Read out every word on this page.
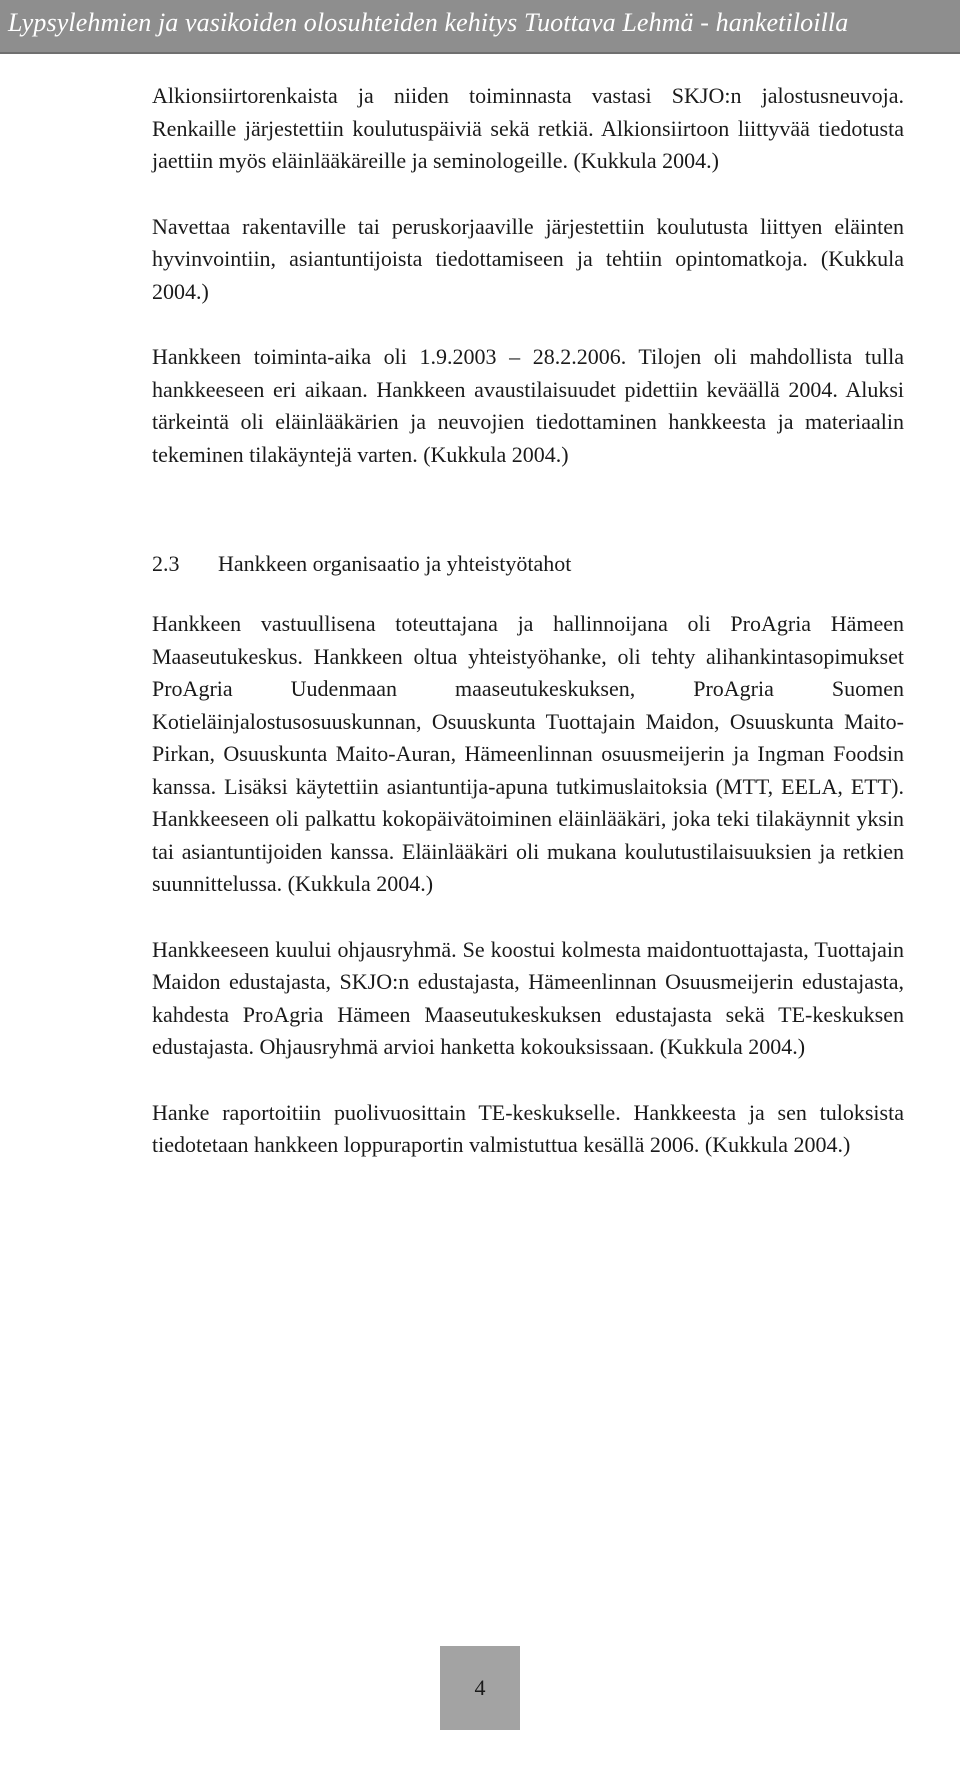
Lypsylehmien ja vasikoiden olosuhteiden kehitys Tuottava Lehmä - hanketiloilla

Alkionsiirtorenkaista ja niiden toiminnasta vastasi SKJO:n jalostusneuvoja. Renkaille järjestettiin koulutuspäiviä sekä retkiä. Alkionsiirtoon liittyvää tiedotusta jaettiin myös eläinlääkäreille ja seminologeille. (Kukkula 2004.)

Navettaa rakentaville tai peruskorjaaville järjestettiin koulutusta liittyen eläinten hyvinvointiin, asiantuntijoista tiedottamiseen ja tehtiin opintomatkoja. (Kukkula 2004.)

Hankkeen toiminta-aika oli 1.9.2003 – 28.2.2006. Tilojen oli mahdollista tulla hankkeeseen eri aikaan. Hankkeen avaustilaisuudet pidettiin keväällä 2004. Aluksi tärkeintä oli eläinlääkärien ja neuvojien tiedottaminen hankkeesta ja materiaalin tekeminen tilakäyntejä varten. (Kukkula 2004.)

2.3 Hankkeen organisaatio ja yhteistyötahot

Hankkeen vastuullisena toteuttajana ja hallinnoijana oli ProAgria Hämeen Maaseutukeskus. Hankkeen oltua yhteistyöhanke, oli tehty alihankintasopimukset ProAgria Uudenmaan maaseutukeskuksen, ProAgria Suomen Kotieläinjalostusosuuskunnan, Osuuskunta Tuottajain Maidon, Osuuskunta Maito-Pirkan, Osuuskunta Maito-Auran, Hämeenlinnan osuusmeijerin ja Ingman Foodsin kanssa. Lisäksi käytettiin asiantuntija-apuna tutkimuslaitoksia (MTT, EELA, ETT). Hankkeeseen oli palkattu kokopäivätoiminen eläinlääkäri, joka teki tilakäynnit yksin tai asiantuntijoiden kanssa. Eläinlääkäri oli mukana koulutustilaisuuksien ja retkien suunnittelussa. (Kukkula 2004.)

Hankkeeseen kuului ohjausryhmä. Se koostui kolmesta maidontuottajasta, Tuottajain Maidon edustajasta, SKJO:n edustajasta, Hämeenlinnan Osuusmeijerin edustajasta, kahdesta ProAgria Hämeen Maaseutukeskuksen edustajasta sekä TE-keskuksen edustajasta. Ohjausryhmä arvioi hanketta kokouksissaan. (Kukkula 2004.)

Hanke raportoitiin puolivuosittain TE-keskukselle. Hankkeesta ja sen tuloksista tiedotetaan hankkeen loppuraportin valmistuttua kesällä 2006. (Kukkula 2004.)

4
